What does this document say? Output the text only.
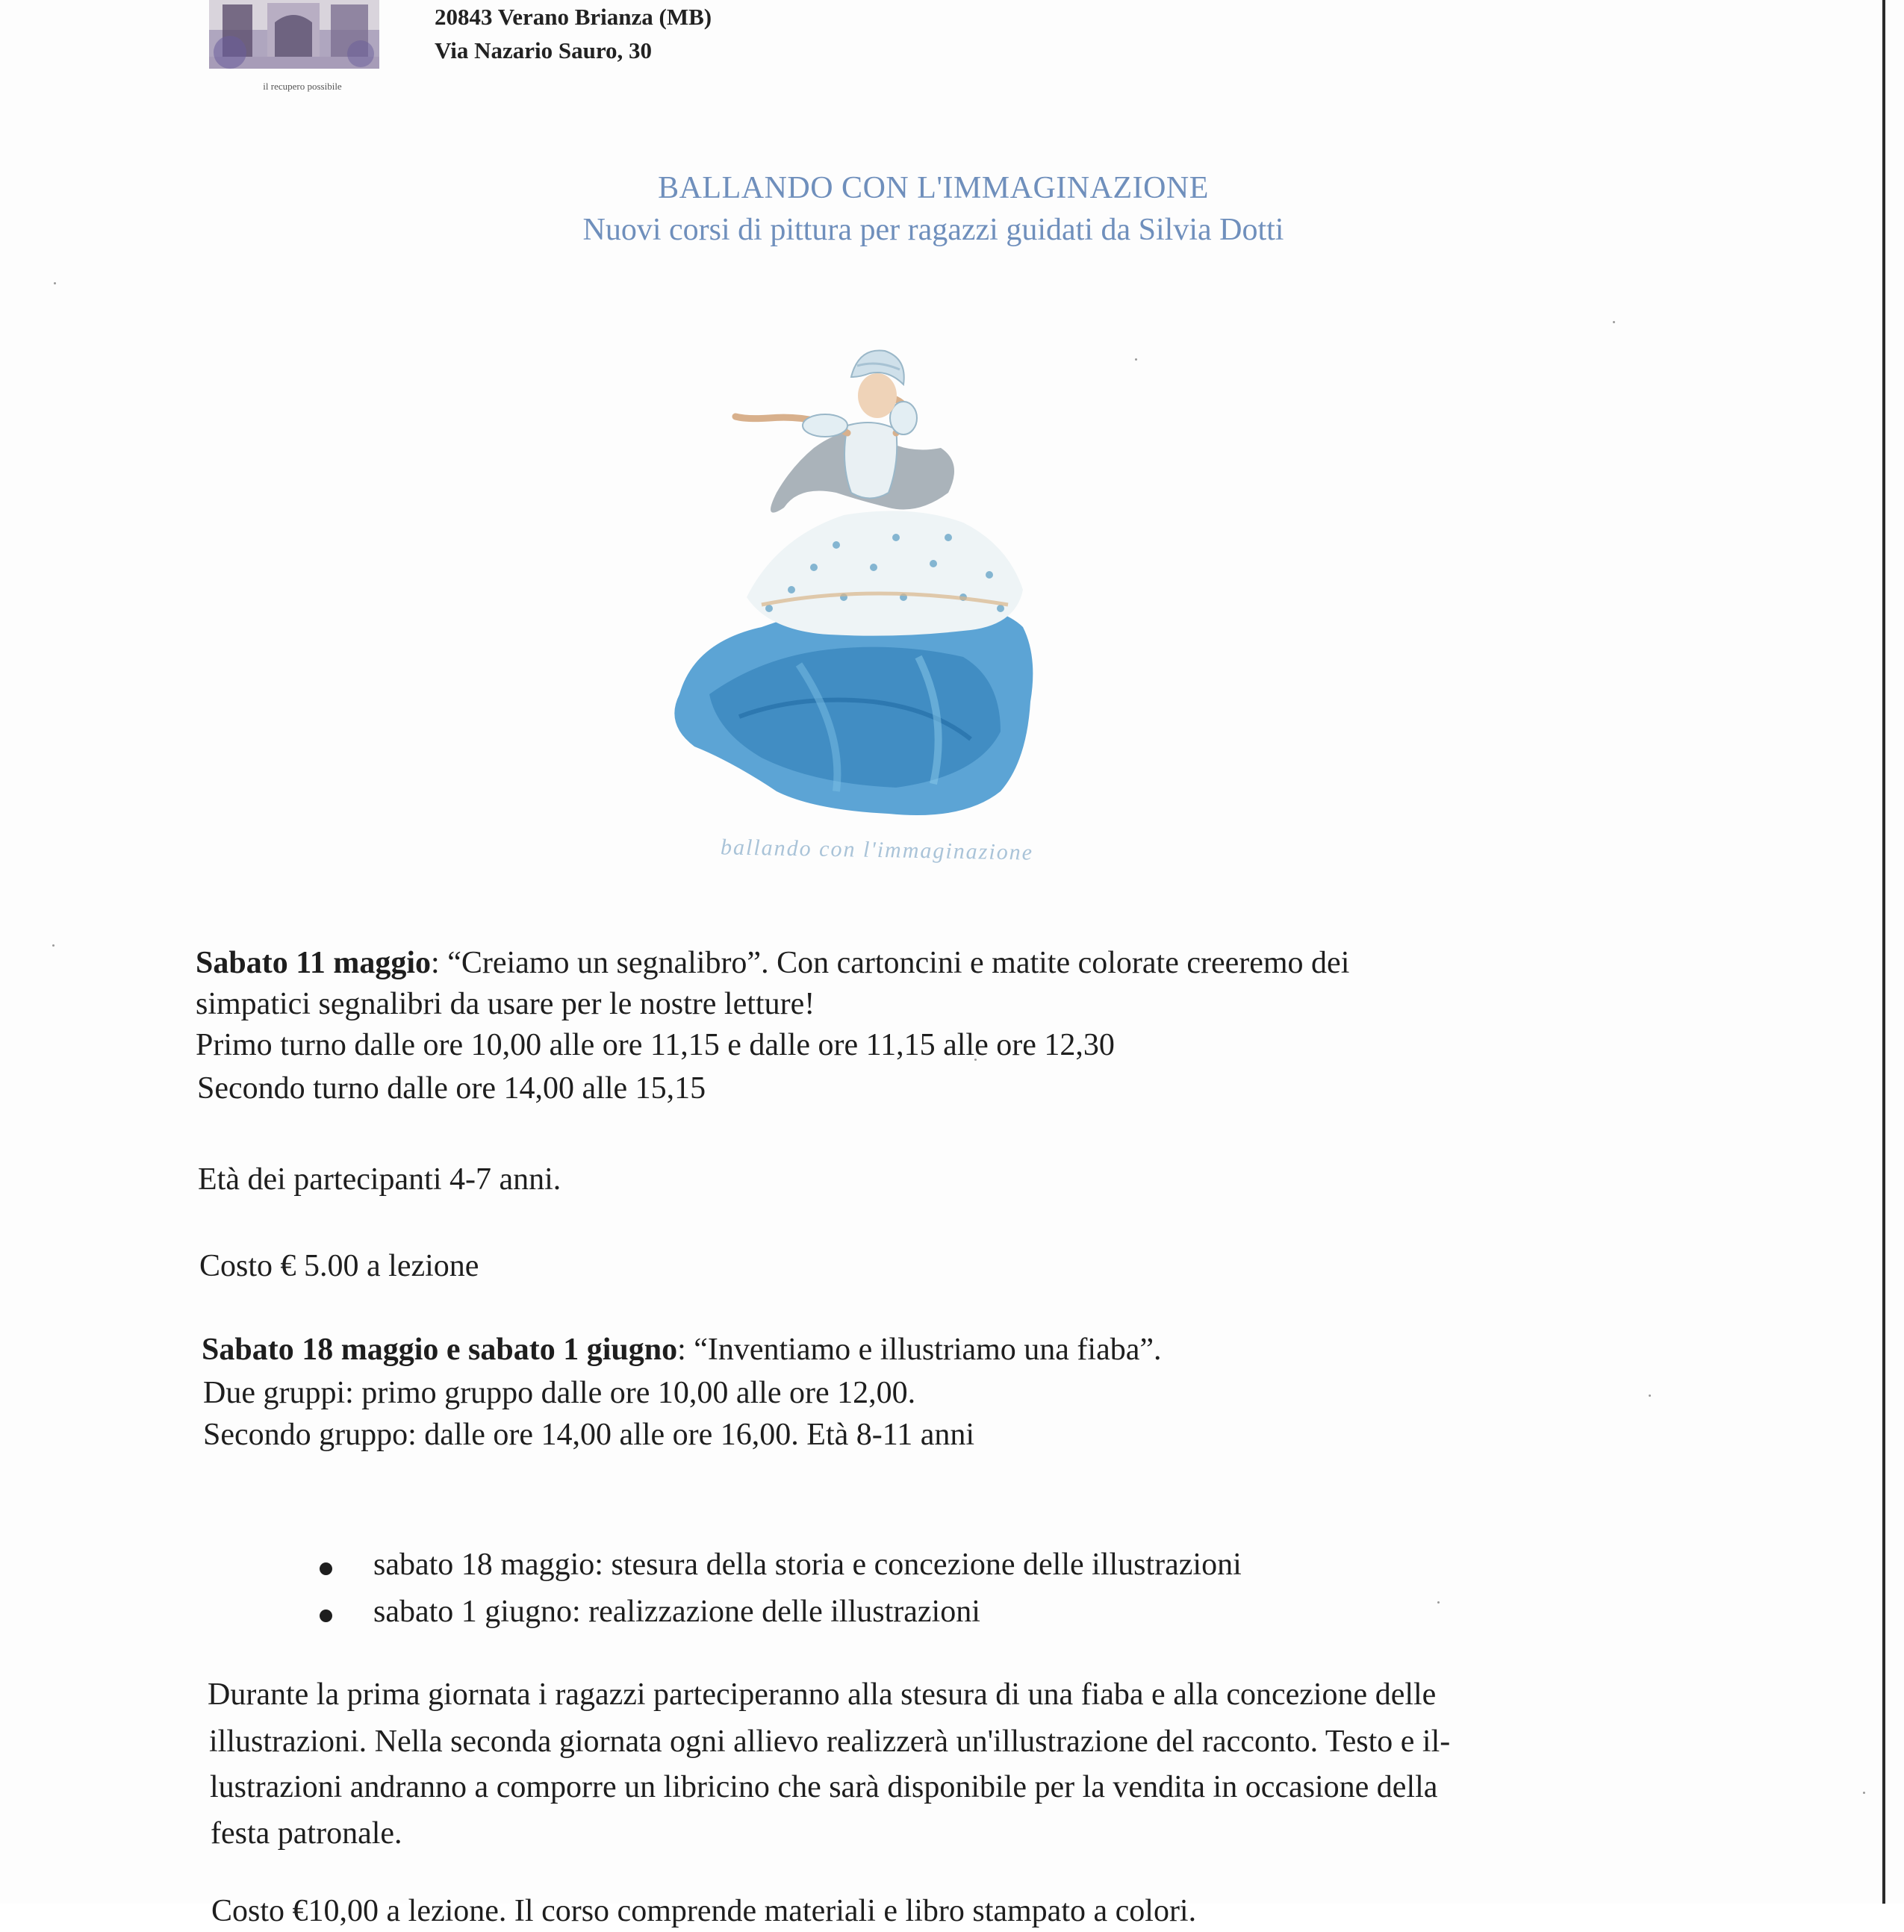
il recupero possibile
20843 Verano Brianza (MB)
Via Nazario Sauro, 30
BALLANDO CON L'IMMAGINAZIONE
Nuovi corsi di pittura per ragazzi guidati da Silvia Dotti
ballando con l'immaginazione
Sabato 11 maggio: “Creiamo un segnalibro”. Con cartoncini e matite colorate creeremo dei
simpatici segnalibri da usare per le nostre letture!
Primo turno dalle ore 10,00 alle ore 11,15 e dalle ore 11,15 alle ore 12,30
Secondo turno dalle ore 14,00 alle 15,15
Età dei partecipanti 4-7 anni.
Costo € 5.00 a lezione
Sabato 18 maggio e sabato 1 giugno: “Inventiamo e illustriamo una fiaba”.
Due gruppi: primo gruppo dalle ore 10,00 alle ore 12,00.
Secondo gruppo: dalle ore 14,00 alle ore 16,00. Età 8-11 anni
sabato 18 maggio: stesura della storia e concezione delle illustrazioni
sabato 1 giugno: realizzazione delle illustrazioni
Durante la prima giornata i ragazzi parteciperanno alla stesura di una fiaba e alla concezione delle
illustrazioni. Nella seconda giornata ogni allievo realizzerà un'illustrazione del racconto. Testo e il-
lustrazioni andranno a comporre un libricino che sarà disponibile per la vendita in occasione della
festa patronale.
Costo €10,00 a lezione. Il corso comprende materiali e libro stampato a colori.
